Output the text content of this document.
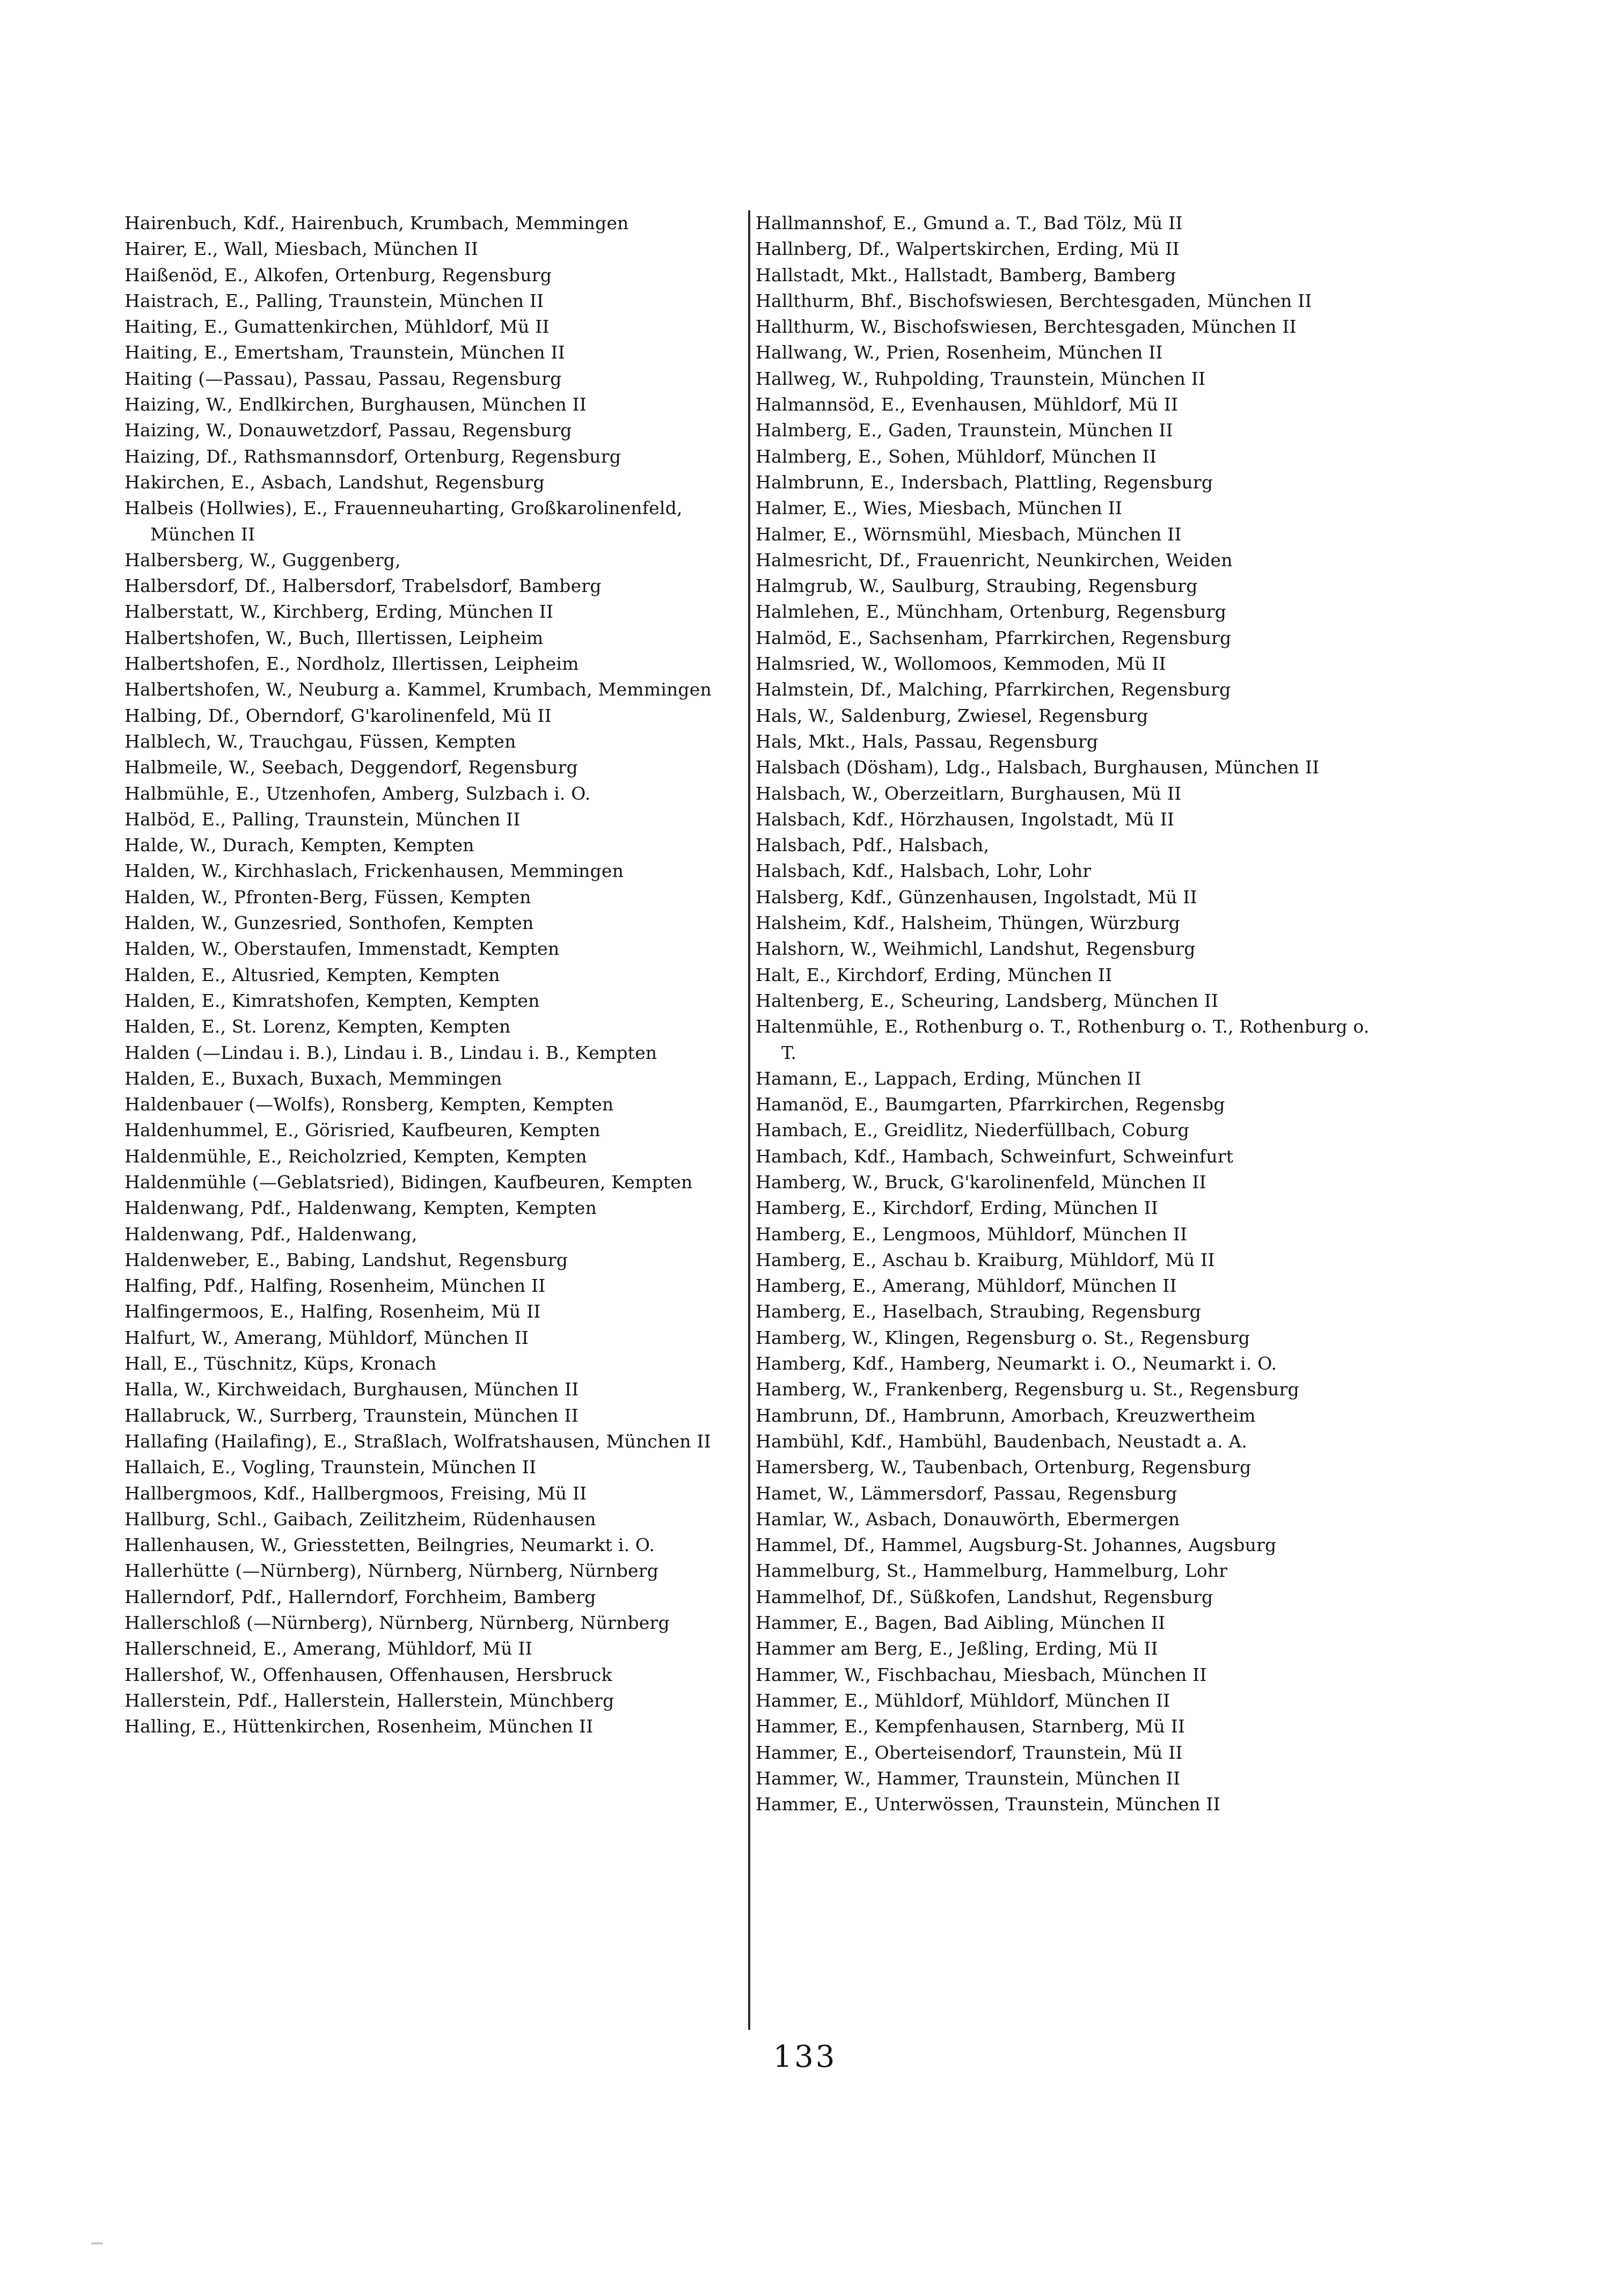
Hairenbuch, Kdf., Hairenbuch, Krumbach, Memmingen
Hairer, E., Wall, Miesbach, München II
Haißenöd, E., Alkofen, Ortenburg, Regensburg
Haistrach, E., Palling, Traunstein, München II
Haiting, E., Gumattenkirchen, Mühldorf, Mü II
Haiting, E., Emertsham, Traunstein, München II
Haiting (—Passau), Passau, Passau, Regensburg
Haizing, W., Endlkirchen, Burghausen, München II
Haizing, W., Donauwetzdorf, Passau, Regensburg
Haizing, Df., Rathsmannsdorf, Ortenburg, Regensburg
Hakirchen, E., Asbach, Landshut, Regensburg
Halbeis (Hollwies), E., Frauenneuharting, Großkarolinenfeld, München II
Halbersberg, W., Guggenberg,
Halbersdorf, Df., Halbersdorf, Trabelsdorf, Bamberg
Halberstatt, W., Kirchberg, Erding, München II
Halbertshofen, W., Buch, Illertissen, Leipheim
Halbertshofen, E., Nordholz, Illertissen, Leipheim
Halbertshofen, W., Neuburg a. Kammel, Krumbach, Memmingen
Halbing, Df., Oberndorf, G'karolinenfeld, Mü II
Halblech, W., Trauchgau, Füssen, Kempten
Halbmeile, W., Seebach, Deggendorf, Regensburg
Halbmühle, E., Utzenhofen, Amberg, Sulzbach i. O.
Halböd, E., Palling, Traunstein, München II
Halde, W., Durach, Kempten, Kempten
Halden, W., Kirchhaslach, Frickenhausen, Memmingen
Halden, W., Pfronten-Berg, Füssen, Kempten
Halden, W., Gunzesried, Sonthofen, Kempten
Halden, W., Oberstaufen, Immenstadt, Kempten
Halden, E., Altusried, Kempten, Kempten
Halden, E., Kimratshofen, Kempten, Kempten
Halden, E., St. Lorenz, Kempten, Kempten
Halden (—Lindau i. B.), Lindau i. B., Lindau i. B., Kempten
Halden, E., Buxach, Buxach, Memmingen
Haldenbauer (—Wolfs), Ronsberg, Kempten, Kempten
Haldenhummel, E., Görisried, Kaufbeuren, Kempten
Haldenmühle, E., Reicholzried, Kempten, Kempten
Haldenmühle (—Geblatsried), Bidingen, Kaufbeuren, Kempten
Haldenwang, Pdf., Haldenwang, Kempten, Kempten
Haldenwang, Pdf., Haldenwang,
Haldenweber, E., Babing, Landshut, Regensburg
Halfing, Pdf., Halfing, Rosenheim, München II
Halfingermoos, E., Halfing, Rosenheim, Mü II
Halfurt, W., Amerang, Mühldorf, München II
Hall, E., Tüschnitz, Küps, Kronach
Halla, W., Kirchweidach, Burghausen, München II
Hallabruck, W., Surrberg, Traunstein, München II
Hallafing (Hailafing), E., Straßlach, Wolfratshausen, München II
Hallaich, E., Vogling, Traunstein, München II
Hallbergmoos, Kdf., Hallbergmoos, Freising, Mü II
Hallburg, Schl., Gaibach, Zeilitzheim, Rüdenhausen
Hallenhausen, W., Griesstetten, Beilngries, Neumarkt i. O.
Hallerhütte (—Nürnberg), Nürnberg, Nürnberg, Nürnberg
Hallerndorf, Pdf., Hallerndorf, Forchheim, Bamberg
Hallerschloß (—Nürnberg), Nürnberg, Nürnberg, Nürnberg
Hallerschneid, E., Amerang, Mühldorf, Mü II
Hallershof, W., Offenhausen, Offenhausen, Hersbruck
Hallerstein, Pdf., Hallerstein, Hallerstein, Münchberg
Halling, E., Hüttenkirchen, Rosenheim, München II
Hallmannshof, E., Gmund a. T., Bad Tölz, Mü II
Hallnberg, Df., Walpertskirchen, Erding, Mü II
Hallstadt, Mkt., Hallstadt, Bamberg, Bamberg
Hallthurm, Bhf., Bischofswiesen, Berchtesgaden, München II
Hallthurm, W., Bischofswiesen, Berchtesgaden, München II
Hallwang, W., Prien, Rosenheim, München II
Hallweg, W., Ruhpolding, Traunstein, München II
Halmannsöd, E., Evenhausen, Mühldorf, Mü II
Halmberg, E., Gaden, Traunstein, München II
Halmberg, E., Sohen, Mühldorf, München II
Halmbrunn, E., Indersbach, Plattling, Regensburg
Halmer, E., Wies, Miesbach, München II
Halmer, E., Wörnsmühl, Miesbach, München II
Halmesricht, Df., Frauenricht, Neunkirchen, Weiden
Halmgrub, W., Saulburg, Straubing, Regensburg
Halmlehen, E., Münchham, Ortenburg, Regensburg
Halmöd, E., Sachsenham, Pfarrkirchen, Regensburg
Halmsried, W., Wollomoos, Kemmoden, Mü II
Halmstein, Df., Malching, Pfarrkirchen, Regensburg
Hals, W., Saldenburg, Zwiesel, Regensburg
Hals, Mkt., Hals, Passau, Regensburg
Halsbach (Dösham), Ldg., Halsbach, Burghausen, München II
Halsbach, W., Oberzeitlarn, Burghausen, Mü II
Halsbach, Kdf., Hörzhausen, Ingolstadt, Mü II
Halsbach, Pdf., Halsbach,
Halsbach, Kdf., Halsbach, Lohr, Lohr
Halsberg, Kdf., Günzenhausen, Ingolstadt, Mü II
Halsheim, Kdf., Halsheim, Thüngen, Würzburg
Halshorn, W., Weihmichl, Landshut, Regensburg
Halt, E., Kirchdorf, Erding, München II
Haltenberg, E., Scheuring, Landsberg, München II
Haltenmühle, E., Rothenburg o. T., Rothenburg o. T., Rothenburg o. T.
Hamann, E., Lappach, Erding, München II
Hamanöd, E., Baumgarten, Pfarrkirchen, Regensbg
Hambach, E., Greidlitz, Niederfüllbach, Coburg
Hambach, Kdf., Hambach, Schweinfurt, Schweinfurt
Hamberg, W., Bruck, G'karolinenfeld, München II
Hamberg, E., Kirchdorf, Erding, München II
Hamberg, E., Lengmoos, Mühldorf, München II
Hamberg, E., Aschau b. Kraiburg, Mühldorf, Mü II
Hamberg, E., Amerang, Mühldorf, München II
Hamberg, E., Haselbach, Straubing, Regensburg
Hamberg, W., Klingen, Regensburg o. St., Regensburg
Hamberg, Kdf., Hamberg, Neumarkt i. O., Neumarkt i. O.
Hamberg, W., Frankenberg, Regensburg u. St., Regensburg
Hambrunn, Df., Hambrunn, Amorbach, Kreuzwertheim
Hambühl, Kdf., Hambühl, Baudenbach, Neustadt a. A.
Hamersberg, W., Taubenbach, Ortenburg, Regensburg
Hamet, W., Lämmersdorf, Passau, Regensburg
Hamlar, W., Asbach, Donauwörth, Ebermergen
Hammel, Df., Hammel, Augsburg-St. Johannes, Augsburg
Hammelburg, St., Hammelburg, Hammelburg, Lohr
Hammelhof, Df., Süßkofen, Landshut, Regensburg
Hammer, E., Bagen, Bad Aibling, München II
Hammer am Berg, E., Jeßling, Erding, Mü II
Hammer, W., Fischbachau, Miesbach, München II
Hammer, E., Mühldorf, Mühldorf, München II
Hammer, E., Kempfenhausen, Starnberg, Mü II
Hammer, E., Oberteisendorf, Traunstein, Mü II
Hammer, W., Hammer, Traunstein, München II
Hammer, E., Unterwössen, Traunstein, München II
133
